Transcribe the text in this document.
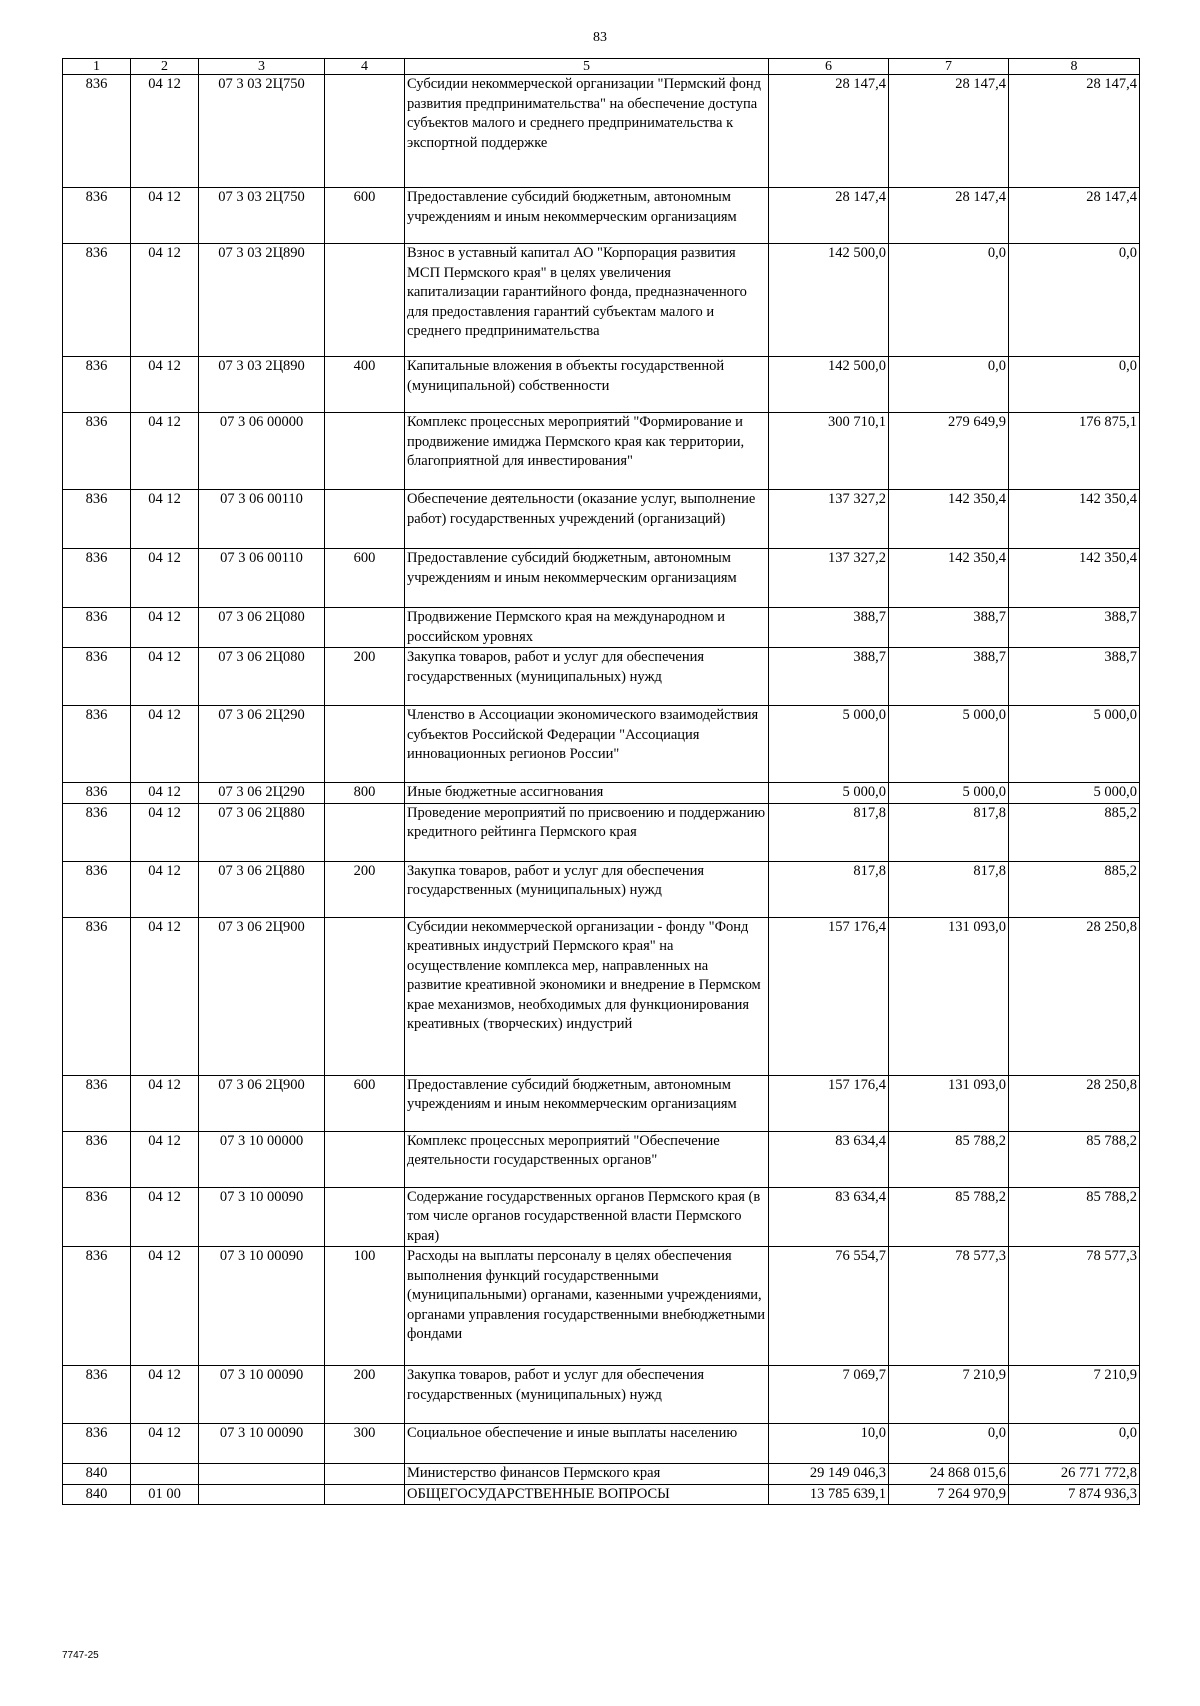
83
1	2	3	4	5	6	7	8
836	04 12	07 3 03 2Ц750		Субсидии некоммерческой организации "Пермский фонд развития предпринимательства" на обеспечение доступа субъектов малого и среднего предпринимательства к экспортной поддержке	28 147,4	28 147,4	28 147,4
836	04 12	07 3 03 2Ц750	600	Предоставление субсидий бюджетным, автономным учреждениям и иным некоммерческим организациям	28 147,4	28 147,4	28 147,4
836	04 12	07 3 03 2Ц890		Взнос в уставный капитал АО "Корпорация развития МСП Пермского края" в целях увеличения капитализации гарантийного фонда, предназначенного для предоставления гарантий субъектам малого и среднего предпринимательства	142 500,0	0,0	0,0
836	04 12	07 3 03 2Ц890	400	Капитальные вложения в объекты государственной (муниципальной) собственности	142 500,0	0,0	0,0
836	04 12	07 3 06 00000		Комплекс процессных мероприятий "Формирование и продвижение имиджа Пермского края как территории, благоприятной для инвестирования"	300 710,1	279 649,9	176 875,1
836	04 12	07 3 06 00110		Обеспечение деятельности (оказание услуг, выполнение работ) государственных учреждений (организаций)	137 327,2	142 350,4	142 350,4
836	04 12	07 3 06 00110	600	Предоставление субсидий бюджетным, автономным учреждениям и иным некоммерческим организациям	137 327,2	142 350,4	142 350,4
836	04 12	07 3 06 2Ц080		Продвижение Пермского края на международном и российском уровнях	388,7	388,7	388,7
836	04 12	07 3 06 2Ц080	200	Закупка товаров, работ и услуг для обеспечения государственных (муниципальных) нужд	388,7	388,7	388,7
836	04 12	07 3 06 2Ц290		Членство в Ассоциации экономического взаимодействия субъектов Российской Федерации "Ассоциация инновационных регионов России"	5 000,0	5 000,0	5 000,0
836	04 12	07 3 06 2Ц290	800	Иные бюджетные ассигнования	5 000,0	5 000,0	5 000,0
836	04 12	07 3 06 2Ц880		Проведение мероприятий по присвоению и поддержанию кредитного рейтинга Пермского края	817,8	817,8	885,2
836	04 12	07 3 06 2Ц880	200	Закупка товаров, работ и услуг для обеспечения государственных (муниципальных) нужд	817,8	817,8	885,2
836	04 12	07 3 06 2Ц900		Субсидии некоммерческой организации - фонду "Фонд креативных индустрий Пермского края" на осуществление комплекса мер, направленных на развитие креативной экономики и внедрение в Пермском крае механизмов, необходимых для функционирования креативных (творческих) индустрий	157 176,4	131 093,0	28 250,8
836	04 12	07 3 06 2Ц900	600	Предоставление субсидий бюджетным, автономным учреждениям и иным некоммерческим организациям	157 176,4	131 093,0	28 250,8
836	04 12	07 3 10 00000		Комплекс процессных мероприятий "Обеспечение деятельности государственных органов"	83 634,4	85 788,2	85 788,2
836	04 12	07 3 10 00090		Содержание государственных органов Пермского края (в том числе органов государственной власти Пермского края)	83 634,4	85 788,2	85 788,2
836	04 12	07 3 10 00090	100	Расходы на выплаты персоналу в целях обеспечения выполнения функций государственными (муниципальными) органами, казенными учреждениями, органами управления государственными внебюджетными фондами	76 554,7	78 577,3	78 577,3
836	04 12	07 3 10 00090	200	Закупка товаров, работ и услуг для обеспечения государственных (муниципальных) нужд	7 069,7	7 210,9	7 210,9
836	04 12	07 3 10 00090	300	Социальное обеспечение и иные выплаты населению	10,0	0,0	0,0
840				Министерство финансов Пермского края	29 149 046,3	24 868 015,6	26 771 772,8
840	01 00			ОБЩЕГОСУДАРСТВЕННЫЕ ВОПРОСЫ	13 785 639,1	7 264 970,9	7 874 936,3
7747-25
